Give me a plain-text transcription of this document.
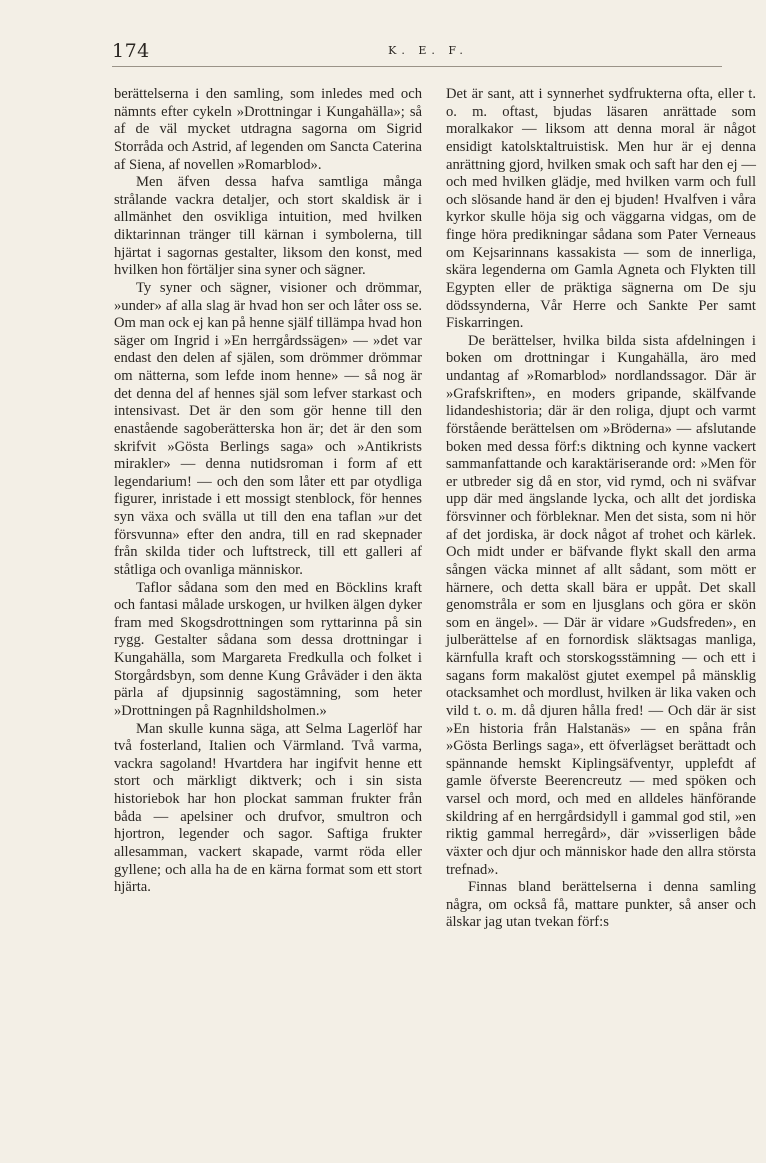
174	K. E. F.

berättelserna i den samling, som inledes med och nämnts efter cykeln »Drottningar i Kungahälla»; så af de väl mycket utdragna sagorna om Sigrid Storråda och Astrid, af legenden om Sancta Caterina af Siena, af novellen »Romarblod».

Men äfven dessa hafva samtliga många strålande vackra detaljer, och stort skaldisk är i allmänhet den osvikliga intuition, med hvilken diktarinnan tränger till kärnan i symbolerna, till hjärtat i sagornas gestalter, liksom den konst, med hvilken hon förtäljer sina syner och sägner.

Ty syner och sägner, visioner och drömmar, »under» af alla slag är hvad hon ser och låter oss se. Om man ock ej kan på henne själf tillämpa hvad hon säger om Ingrid i »En herrgårdssägen» — »det var endast den delen af själen, som drömmer drömmar om nätterna, som lefde inom henne» — så nog är det denna del af hennes själ som lefver starkast och intensivast. Det är den som gör henne till den enastående sagoberätterska hon är; det är den som skrifvit »Gösta Berlings saga» och »Antikrists mirakler» — denna nutidsroman i form af ett legendarium! — och den som låter ett par otydliga figurer, inristade i ett mossigt stenblock, för hennes syn växa och svälla ut till den ena taflan »ur det försvunna» efter den andra, till en rad skepnader från skilda tider och luftstreck, till ett galleri af ståtliga och ovanliga människor.

Taflor sådana som den med en Böcklins kraft och fantasi målade urskogen, ur hvilken älgen dyker fram med Skogsdrottningen som ryttarinna på sin rygg. Gestalter sådana som dessa drottningar i Kungahälla, som Margareta Fredkulla och folket i Storgårdsbyn, som denne Kung Gråväder i den äkta pärla af djupsinnig sagostämning, som heter »Drottningen på Ragnhildsholmen.»

Man skulle kunna säga, att Selma Lagerlöf har två fosterland, Italien och Värmland. Två varma, vackra sagoland! Hvartdera har ingifvit henne ett stort och märkligt diktverk; och i sin sista historiebok har hon plockat samman frukter från båda — apelsiner och drufvor, smultron och hjortron, legender och sagor. Saftiga frukter allesamman, vackert skapade, varmt röda eller gyllene; och alla ha de en kärna format som ett stort hjärta.

Det är sant, att i synnerhet sydfrukterna ofta, eller t. o. m. oftast, bjudas läsaren anrättade som moralkakor — liksom att denna moral är något ensidigt katolsktaltruistisk. Men hur är ej denna anrättning gjord, hvilken smak och saft har den ej — och med hvilken glädje, med hvilken varm och full och slösande hand är den ej bjuden! Hvalfven i våra kyrkor skulle höja sig och väggarna vidgas, om de finge höra predikningar sådana som Pater Verneaus om Kejsarinnans kassakista — som de innerliga, skära legenderna om Gamla Agneta och Flykten till Egypten eller de präktiga sägnerna om De sju dödssynderna, Vår Herre och Sankte Per samt Fiskarringen.

De berättelser, hvilka bilda sista afdelningen i boken om drottningar i Kungahälla, äro med undantag af »Romarblod» nordlandssagor. Där är »Grafskriften», en moders gripande, skälfvande lidandeshistoria; där är den roliga, djupt och varmt förstående berättelsen om »Bröderna» — afslutande boken med dessa förf:s diktning och kynne vackert sammanfattande och karaktäriserande ord: »Men för er utbreder sig då en stor, vid rymd, och ni sväfvar upp där med ängslande lycka, och allt det jordiska försvinner och förbleknar. Men det sista, som ni hör af det jordiska, är dock något af trohet och kärlek. Och midt under er bäfvande flykt skall den arma sången väcka minnet af allt sådant, som mött er härnere, och detta skall bära er uppåt. Det skall genomstråla er som en ljusglans och göra er skön som en ängel». — Där är vidare »Gudsfreden», en julberättelse af en fornordisk släktsagas manliga, kärnfulla kraft och storskogsstämning — och ett i sagans form makalöst gjutet exempel på mänsklig otacksamhet och mordlust, hvilken är lika vaken och vild t. o. m. då djuren hålla fred! — Och där är sist »En historia från Halstanäs» — en spåna från »Gösta Berlings saga», ett öfverlägset berättadt och spännande hemskt Kiplingsäfventyr, upplefdt af gamle öfverste Beerencreutz — med spöken och varsel och mord, och med en alldeles hänförande skildring af en herrgårdsidyll i gammal god stil, »en riktig gammal herregård», där »visserligen både växter och djur och människor hade den allra största trefnad».

Finnas bland berättelserna i denna samling några, om också få, mattare punkter, så anser och älskar jag utan tvekan förf:s
